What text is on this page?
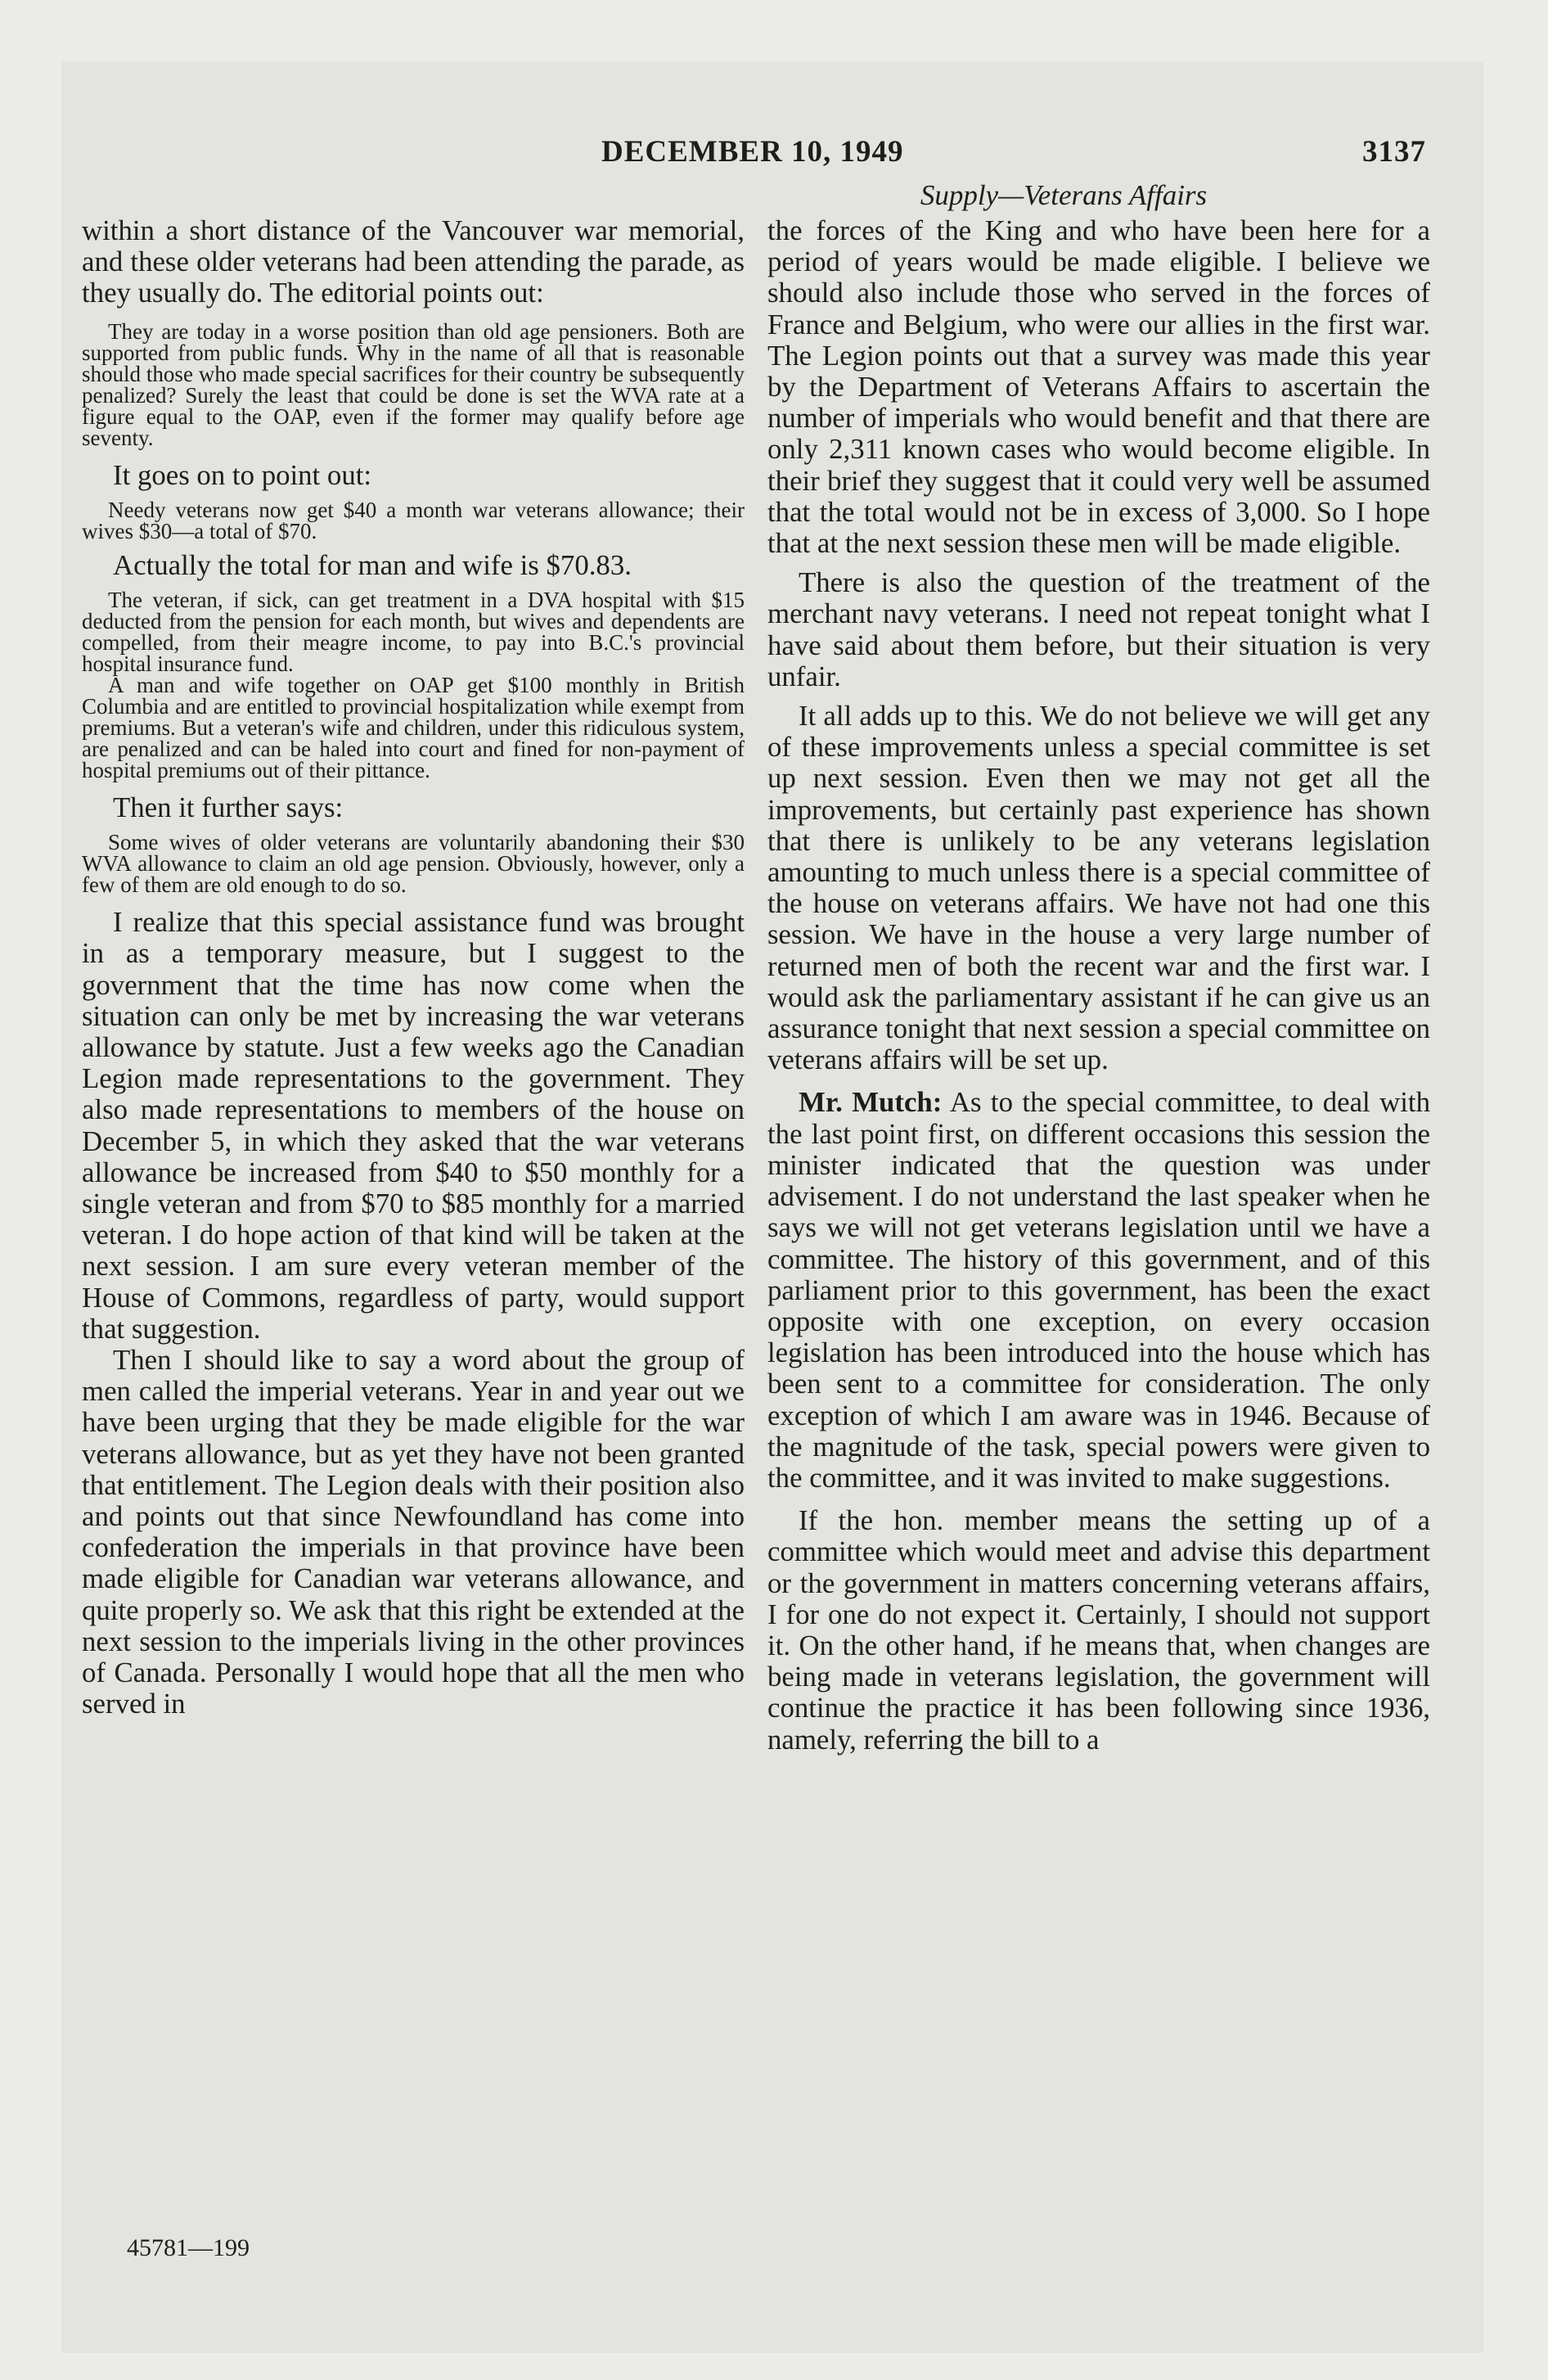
DECEMBER 10, 1949	3137
Supply—Veterans Affairs

within a short distance of the Vancouver war memorial, and these older veterans had been attending the parade, as they usually do. The editorial points out:

They are today in a worse position than old age pensioners. Both are supported from public funds. Why in the name of all that is reasonable should those who made special sacrifices for their country be subsequently penalized? Surely the least that could be done is set the WVA rate at a figure equal to the OAP, even if the former may qualify before age seventy.

It goes on to point out:

Needy veterans now get $40 a month war veterans allowance; their wives $30—a total of $70.

Actually the total for man and wife is $70.83.

The veteran, if sick, can get treatment in a DVA hospital with $15 deducted from the pension for each month, but wives and dependents are compelled, from their meagre income, to pay into B.C.'s provincial hospital insurance fund.

A man and wife together on OAP get $100 monthly in British Columbia and are entitled to provincial hospitalization while exempt from premiums. But a veteran's wife and children, under this ridiculous system, are penalized and can be haled into court and fined for non-payment of hospital premiums out of their pittance.

Then it further says:

Some wives of older veterans are voluntarily abandoning their $30 WVA allowance to claim an old age pension. Obviously, however, only a few of them are old enough to do so.

I realize that this special assistance fund was brought in as a temporary measure, but I suggest to the government that the time has now come when the situation can only be met by increasing the war veterans allowance by statute. Just a few weeks ago the Canadian Legion made representations to the government. They also made representations to members of the house on December 5, in which they asked that the war veterans allowance be increased from $40 to $50 monthly for a single veteran and from $70 to $85 monthly for a married veteran. I do hope action of that kind will be taken at the next session. I am sure every veteran member of the House of Commons, regardless of party, would support that suggestion.

Then I should like to say a word about the group of men called the imperial veterans. Year in and year out we have been urging that they be made eligible for the war veterans allowance, but as yet they have not been granted that entitlement. The Legion deals with their position also and points out that since Newfoundland has come into confederation the imperials in that province have been made eligible for Canadian war veterans allowance, and quite properly so. We ask that this right be extended at the next session to the imperials living in the other provinces of Canada. Personally I would hope that all the men who served in

the forces of the King and who have been here for a period of years would be made eligible. I believe we should also include those who served in the forces of France and Belgium, who were our allies in the first war. The Legion points out that a survey was made this year by the Department of Veterans Affairs to ascertain the number of imperials who would benefit and that there are only 2,311 known cases who would become eligible. In their brief they suggest that it could very well be assumed that the total would not be in excess of 3,000. So I hope that at the next session these men will be made eligible.

There is also the question of the treatment of the merchant navy veterans. I need not repeat tonight what I have said about them before, but their situation is very unfair.

It all adds up to this. We do not believe we will get any of these improvements unless a special committee is set up next session. Even then we may not get all the improvements, but certainly past experience has shown that there is unlikely to be any veterans legislation amounting to much unless there is a special committee of the house on veterans affairs. We have not had one this session. We have in the house a very large number of returned men of both the recent war and the first war. I would ask the parliamentary assistant if he can give us an assurance tonight that next session a special committee on veterans affairs will be set up.

Mr. Mutch: As to the special committee, to deal with the last point first, on different occasions this session the minister indicated that the question was under advisement. I do not understand the last speaker when he says we will not get veterans legislation until we have a committee. The history of this government, and of this parliament prior to this government, has been the exact opposite with one exception, on every occasion legislation has been introduced into the house which has been sent to a committee for consideration. The only exception of which I am aware was in 1946. Because of the magnitude of the task, special powers were given to the committee, and it was invited to make suggestions.

If the hon. member means the setting up of a committee which would meet and advise this department or the government in matters concerning veterans affairs, I for one do not expect it. Certainly, I should not support it. On the other hand, if he means that, when changes are being made in veterans legislation, the government will continue the practice it has been following since 1936, namely, referring the bill to a

45781—199
